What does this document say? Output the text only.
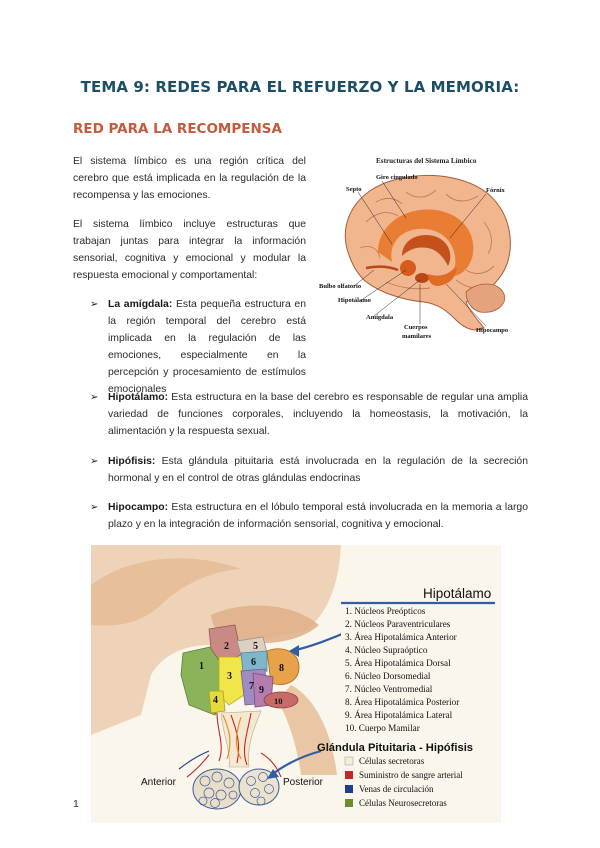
TEMA 9: REDES PARA EL REFUERZO Y LA MEMORIA:
RED PARA LA RECOMPENSA
El sistema límbico es una región crítica del cerebro que está implicada en la regulación de la recompensa y las emociones.
El sistema límbico incluye estructuras que trabajan juntas para integrar la información sensorial, cognitiva y emocional y modular la respuesta emocional y comportamental:
➢ La amígdala: Esta pequeña estructura en la región temporal del cerebro está implicada en la regulación de las emociones, especialmente en la percepción y procesamiento de estímulos emocionales
➢ Hipotálamo: Esta estructura en la base del cerebro es responsable de regular una amplia variedad de funciones corporales, incluyendo la homeostasis, la motivación, la alimentación y la respuesta sexual.
➢ Hipófisis: Esta glándula pituitaria está involucrada en la regulación de la secreción hormonal y en el control de otras glándulas endocrinas
➢ Hipocampo: Esta estructura en el lóbulo temporal está involucrada en la memoria a largo plazo y en la integración de información sensorial, cognitiva y emocional.
Estructuras del Sistema Límbico
Giro cingulado
Septo	Fórnix
Bulbo olfatorio
Hipotálamo
Amígdala
Cuerpos
mamilares
Hipocampo
1
2
3
4
5
6
7
8
9
10
Anterior	Posterior
Hipotálamo
1. Núcleos Preópticos
2. Núcleos Paraventriculares
3. Área Hipotalámica Anterior
4. Núcleo Supraóptico
5. Área Hipotalámica Dorsal
6. Núcleo Dorsomedial
7. Núcleo Ventromedial
8. Área Hipotalámica Posterior
9. Área Hipotalámica Lateral
10. Cuerpo Mamilar
Glándula Pituitaria - Hipófisis
Células secretoras
Suministro de sangre arterial
Venas de circulación
Células Neurosecretoras
1
